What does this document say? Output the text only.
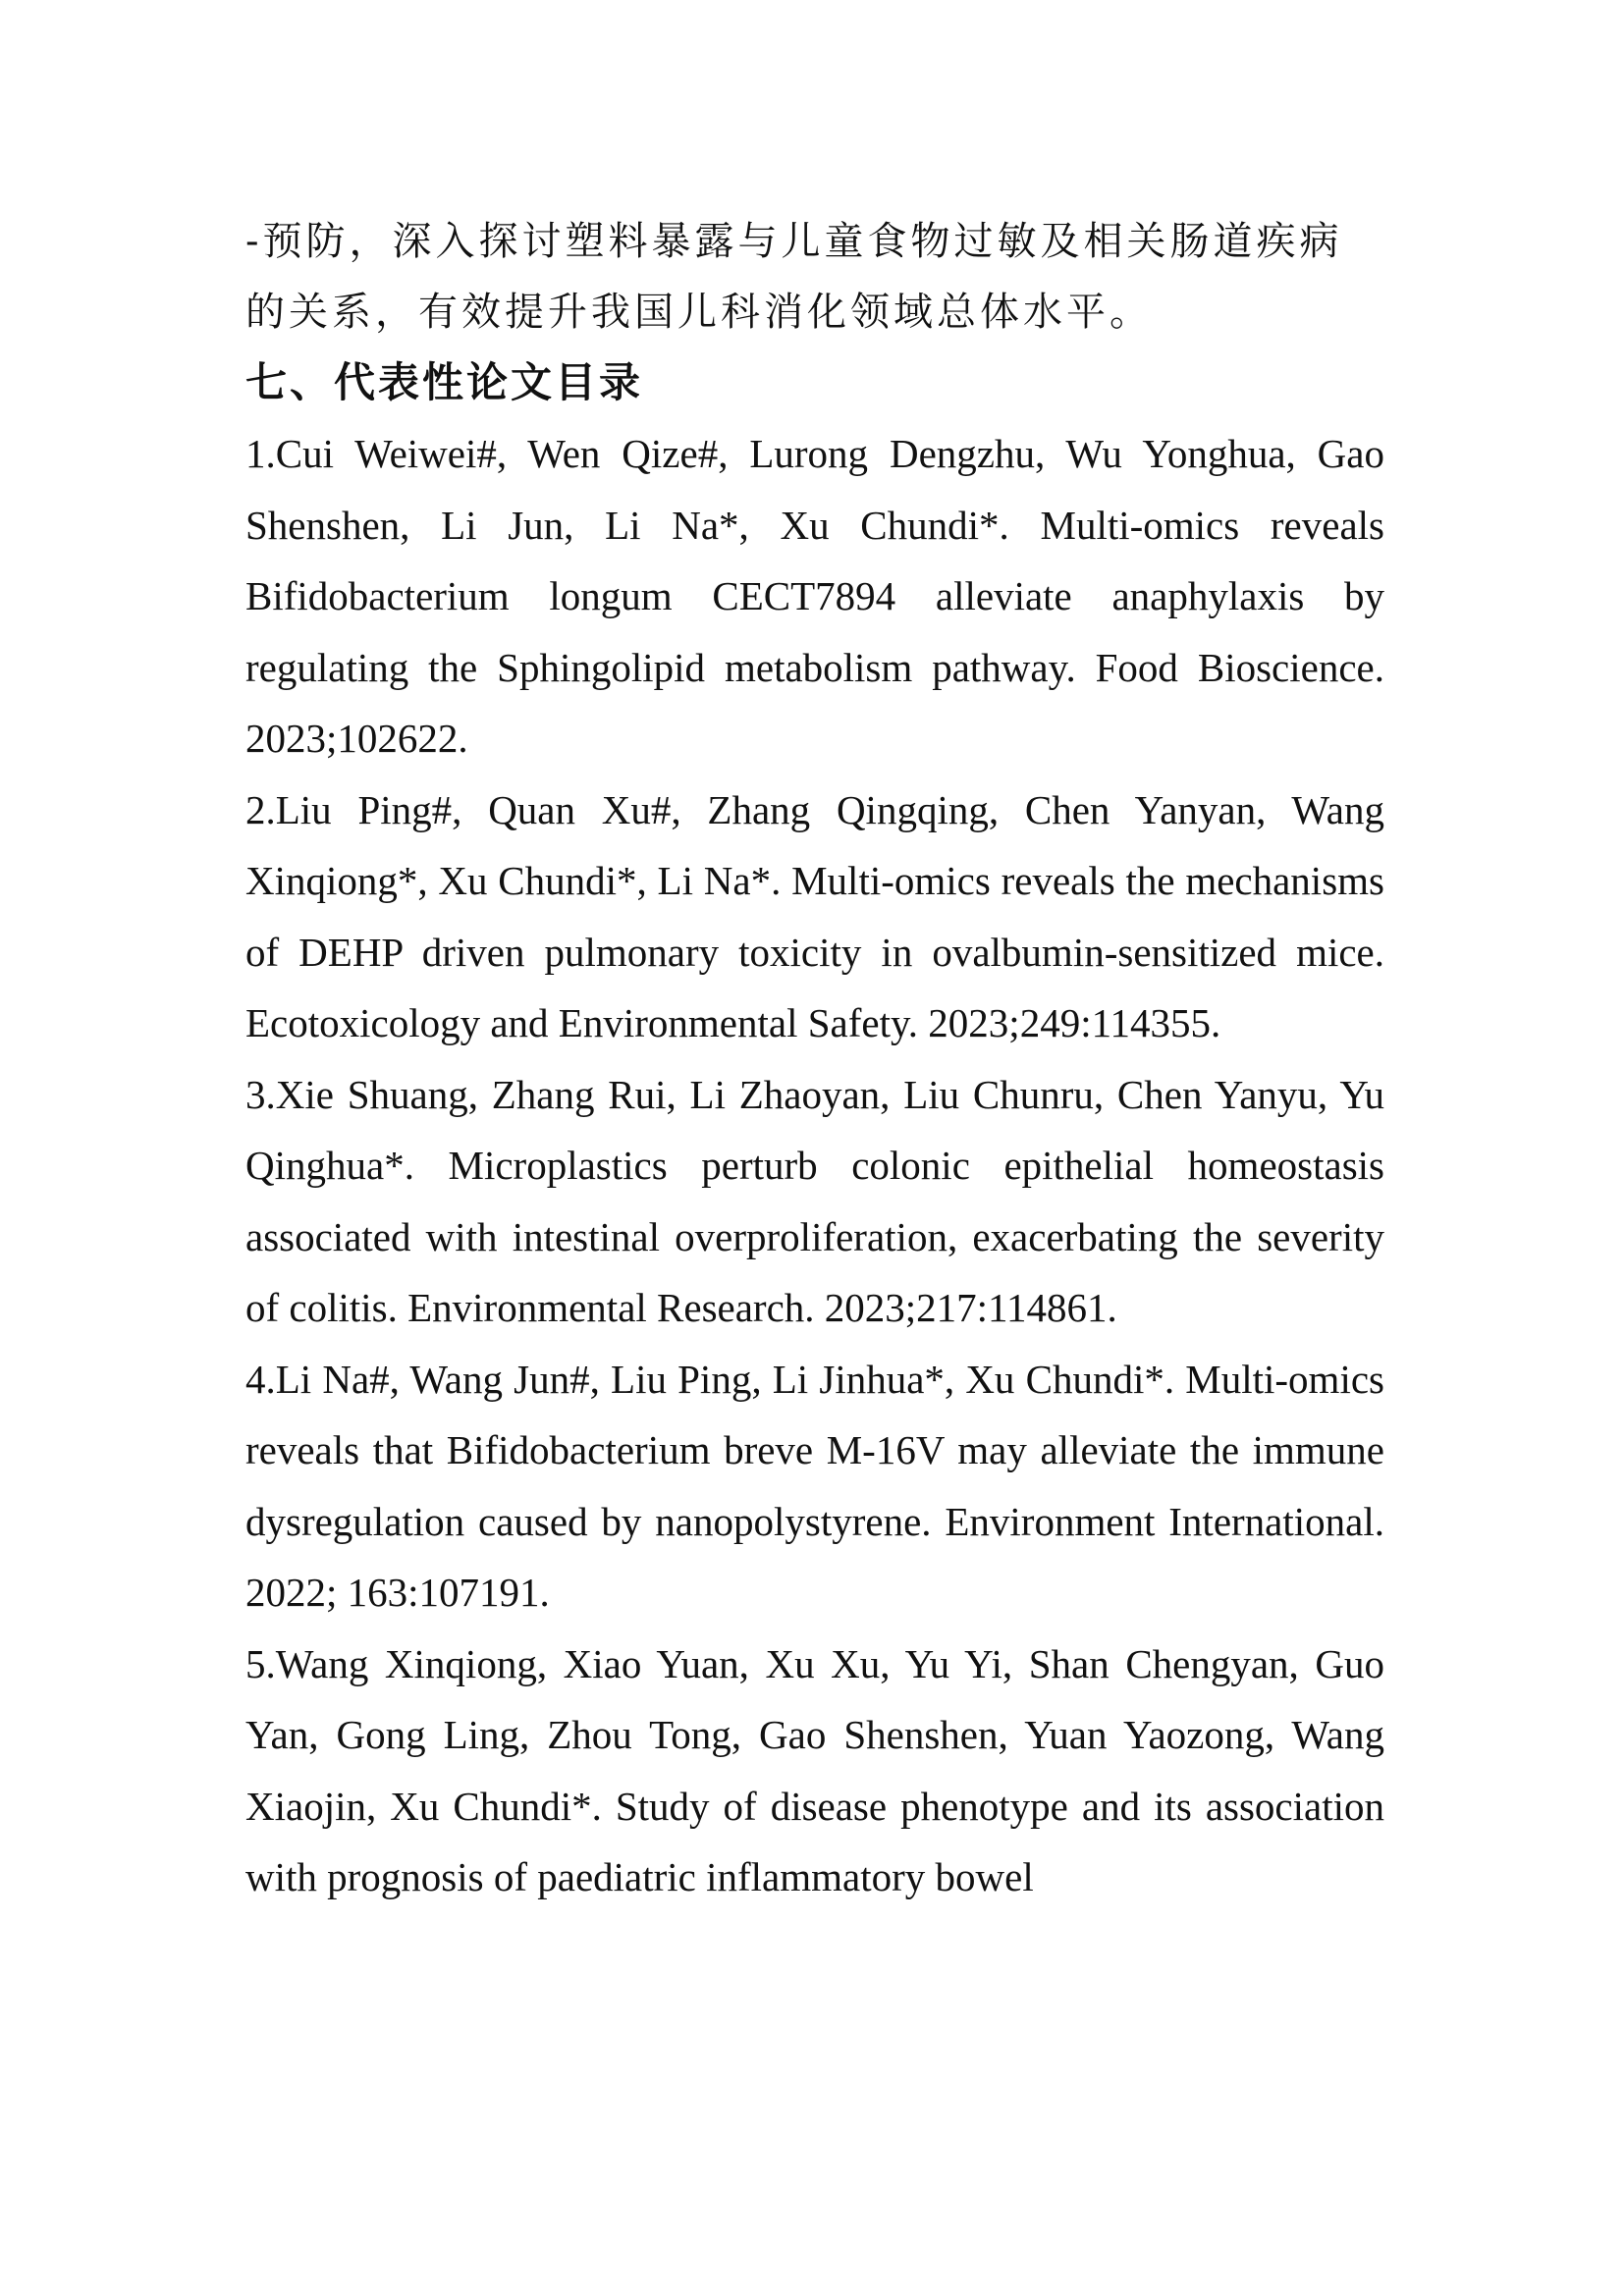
-预防，深入探讨塑料暴露与儿童食物过敏及相关肠道疾病的关系，有效提升我国儿科消化领域总体水平。

七、代表性论文目录

1.Cui Weiwei#, Wen Qize#, Lurong Dengzhu, Wu Yonghua, Gao Shenshen, Li Jun, Li Na*, Xu Chundi*. Multi-omics reveals Bifidobacterium longum CECT7894 alleviate anaphylaxis by regulating the Sphingolipid metabolism pathway. Food Bioscience. 2023;102622.

2.Liu Ping#, Quan Xu#, Zhang Qingqing, Chen Yanyan, Wang Xinqiong*, Xu Chundi*, Li Na*. Multi-omics reveals the mechanisms of DEHP driven pulmonary toxicity in ovalbumin-sensitized mice. Ecotoxicology and Environmental Safety. 2023;249:114355.

3.Xie Shuang, Zhang Rui, Li Zhaoyan, Liu Chunru, Chen Yanyu, Yu Qinghua*. Microplastics perturb colonic epithelial homeostasis associated with intestinal overproliferation, exacerbating the severity of colitis. Environmental Research. 2023;217:114861.

4.Li Na#, Wang Jun#, Liu Ping, Li Jinhua*, Xu Chundi*. Multi-omics reveals that Bifidobacterium breve M-16V may alleviate the immune dysregulation caused by nanopolystyrene. Environment International. 2022; 163:107191.

5.Wang Xinqiong, Xiao Yuan, Xu Xu, Yu Yi, Shan Chengyan, Guo Yan, Gong Ling, Zhou Tong, Gao Shenshen, Yuan Yaozong, Wang Xiaojin, Xu Chundi*. Study of disease phenotype and its association with prognosis of paediatric inflammatory bowel
